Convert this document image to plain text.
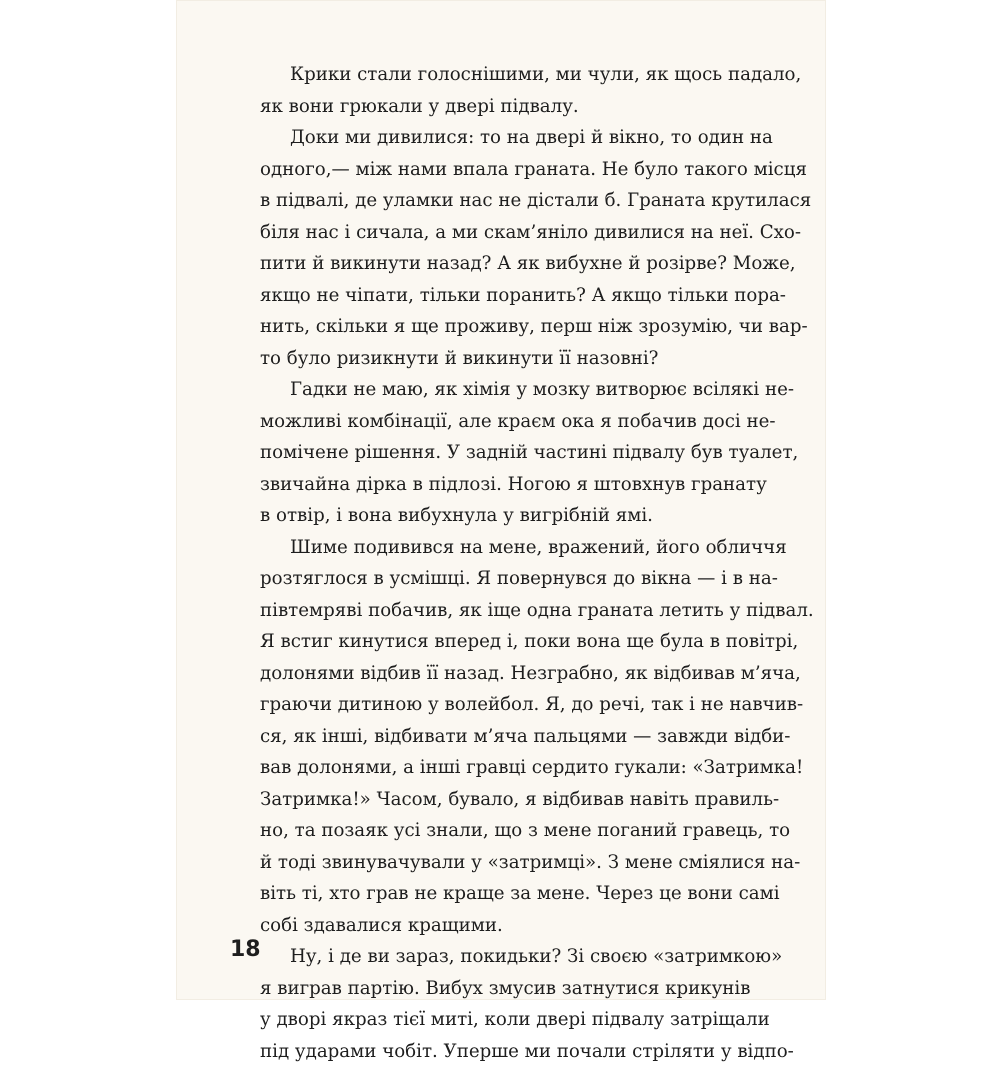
Крики стали голоснішими, ми чули, як щось падало,
як вони грюкали у двері підвалу.
Доки ми дивилися: то на двері й вікно, то один на
одного,— між нами впала граната. Не було такого місця
в підвалі, де уламки нас не дістали б. Граната крутилася
біля нас і сичала, а ми скам’яніло дивилися на неї. Схо-
пити й викинути назад? А як вибухне й розірве? Може,
якщо не чіпати, тільки поранить? А якщо тільки пора-
нить, скільки я ще проживу, перш ніж зрозумію, чи вар-
то було ризикнути й викинути її назовні?
Гадки не маю, як хімія у мозку витворює всілякі не-
можливі комбінації, але краєм ока я побачив досі не-
помічене рішення. У задній частині підвалу був туалет,
звичайна дірка в підлозі. Ногою я штовхнув гранату
в отвір, і вона вибухнула у вигрібній ямі.
Шиме подивився на мене, вражений, його обличчя
розтяглося в усмішці. Я повернувся до вікна — і в на-
півтемряві побачив, як іще одна граната летить у підвал.
Я встиг кинутися вперед і, поки вона ще була в повітрі,
долонями відбив її назад. Незграбно, як відбивав м’яча,
граючи дитиною у волейбол. Я, до речі, так і не навчив-
ся, як інші, відбивати м’яча пальцями — завжди відби-
вав долонями, а інші гравці сердито гукали: «Затримка!
Затримка!» Часом, бувало, я відбивав навіть правиль-
но, та позаяк усі знали, що з мене поганий гравець, то
й тоді звинувачували у «затримці». З мене сміялися на-
віть ті, хто грав не краще за мене. Через це вони самі
собі здавалися кращими.
Ну, і де ви зараз, покидьки? Зі своєю «затримкою»
я виграв партію. Вибух змусив затнутися крикунів
у дворі якраз тієї миті, коли двері підвалу затріщали
під ударами чобіт. Уперше ми почали стріляти у відпо-
18
